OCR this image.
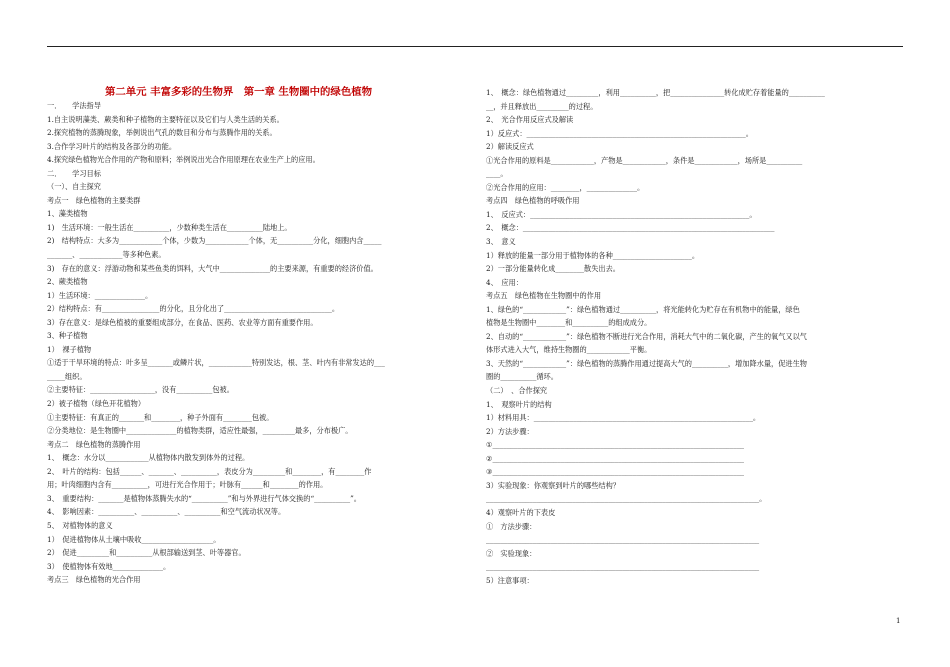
第二单元 丰富多彩的生物界　第一章 生物圈中的绿色植物
一．　　学法指导
1.自主说明藻类、蕨类和种子植物的主要特征以及它们与人类生活的关系。
2.探究植物的蒸腾现象，举例说出气孔的数目和分布与蒸腾作用的关系。
3.合作学习叶片的结构及各部分的功能。
4.探究绿色植物光合作用的产物和原料；举例说出光合作用原理在农业生产上的应用。
二．　　学习目标
（一）、自主探究
考点一　绿色植物的主要类群
1、藻类植物
1)　生活环境：一般生活在__________，少数种类生活在__________陆地上。
2)　结构特点：大多为____________个体，少数为____________个体，无__________分化，细胞内含_____
_______、____________等多种色素。
3)　存在的意义：浮游动物和某些鱼类的饵料，大气中______________的主要来源，有重要的经济价值。
2、蕨类植物
1）生活环境：______________。
2）结构特点：有________________的分化，且分化出了______________________________。
3）存在意义：是绿色植被的重要组成部分，在食品、医药、农业等方面有重要作用。
3、种子植物
1）　裸子植物
①适于干旱环境的特点：叶多呈_______或鳞片状，____________特别发达，根、茎、叶内有非常发达的___
_____组织。
②主要特征：__________________，没有__________包被。
2）被子植物（绿色开花植物）
①主要特征：有真正的_______和________，种子外面有________包被。
②分类地位：是生物圈中______________的植物类群，适应性最强，_________最多，分布极广。
考点二　绿色植物的蒸腾作用
1、　概念：水分以____________从植物体内散发到体外的过程。
2、　叶片的结构：包括______、_______、__________，表皮分为_________和________，有________作
用；叶肉细胞内含有__________，可进行光合作用于；叶脉有______和________的作用。
3、　重要结构：_______是植物体蒸腾失水的“__________”和与外界进行气体交换的“__________”。
4、　影响因素：__________、__________、__________和空气流动状况等。
5、　对植物体的意义
1）　促进植物体从土壤中吸收____________________。
2）　促进_________和__________从根部输送到茎、叶等器官。
3）　使植物体有效地______________。
考点三　绿色植物的光合作用
1、　概念：绿色植物通过_________，利用__________，把_______________转化成贮存着能量的__________
__，并且释放出_________的过程。
2、　光合作用反应式及解读
1）反应式：_____________________________________________________________。
2）解读反应式
①光合作用的原料是____________，产物是____________，条件是____________，场所是__________
____。
②光合作用的应用：________，______________。
考点四　绿色植物的呼吸作用
1、　反应式：_____________________________________________________________。
2、　概念：______________________________________________________________________
3、　意义
1）释放的能量一部分用于植物体的各种______________________。
2）一部分能量转化成________散失出去。
4、　应用：
考点五　绿色植物在生物圈中的作用
1、绿色的“____________”：绿色植物通过__________，将光能转化为贮存在有机物中的能量，绿色
植物是生物圈中________和__________的组成成分。
2、自动的“____________”：绿色植物不断进行光合作用，消耗大气中的二氧化碳，产生的氧气又以气
体形式进入大气，维持生物圈的____________平衡。
3、天然的“____________”：绿色植物的蒸腾作用通过提高大气的__________，增加降水量，促进生物
圈的__________循环。
（二）　、合作探究
1、　观察叶片的结构
1）材料用具：_____________________________________________________________。
2）方法步骤：
①______________________________________________________________________
②______________________________________________________________________
③______________________________________________________________________
3）实验现象：你观察到叶片的哪些结构？
____________________________________________________________________________。
4）观察叶片的下表皮
①　方法步骤：
____________________________________________________________________________
②　实验现象：
____________________________________________________________________________
5）注意事项：
1
